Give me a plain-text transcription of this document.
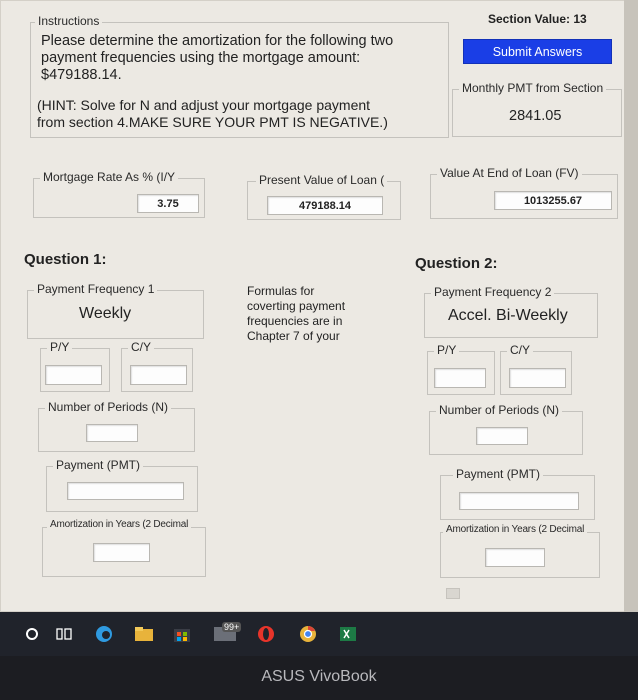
Section Value: 13
Submit Answers
Instructions
Please determine the amortization for the following two
payment frequencies using the mortgage amount:
$479188.14.
(HINT: Solve for N and adjust your mortgage payment
from section 4.MAKE SURE YOUR PMT IS NEGATIVE.)
Monthly PMT from Section
2841.05
Mortgage Rate As % (I/Y
3.75
Present Value of Loan (
479188.14
Value At End of Loan (FV)
1013255.67
Question 1:	Question 2:
Payment Frequency 1
Weekly
Formulas for
coverting payment
frequencies are in
Chapter 7 of your
Payment Frequency 2
Accel. Bi-Weekly
P/Y	C/Y	P/Y	C/Y
Number of Periods (N)	Number of Periods (N)
Payment (PMT)
Payment (PMT)
Amortization in Years (2 Decimal	Amortization in Years (2 Decimal
99+
ASUS VivoBook
